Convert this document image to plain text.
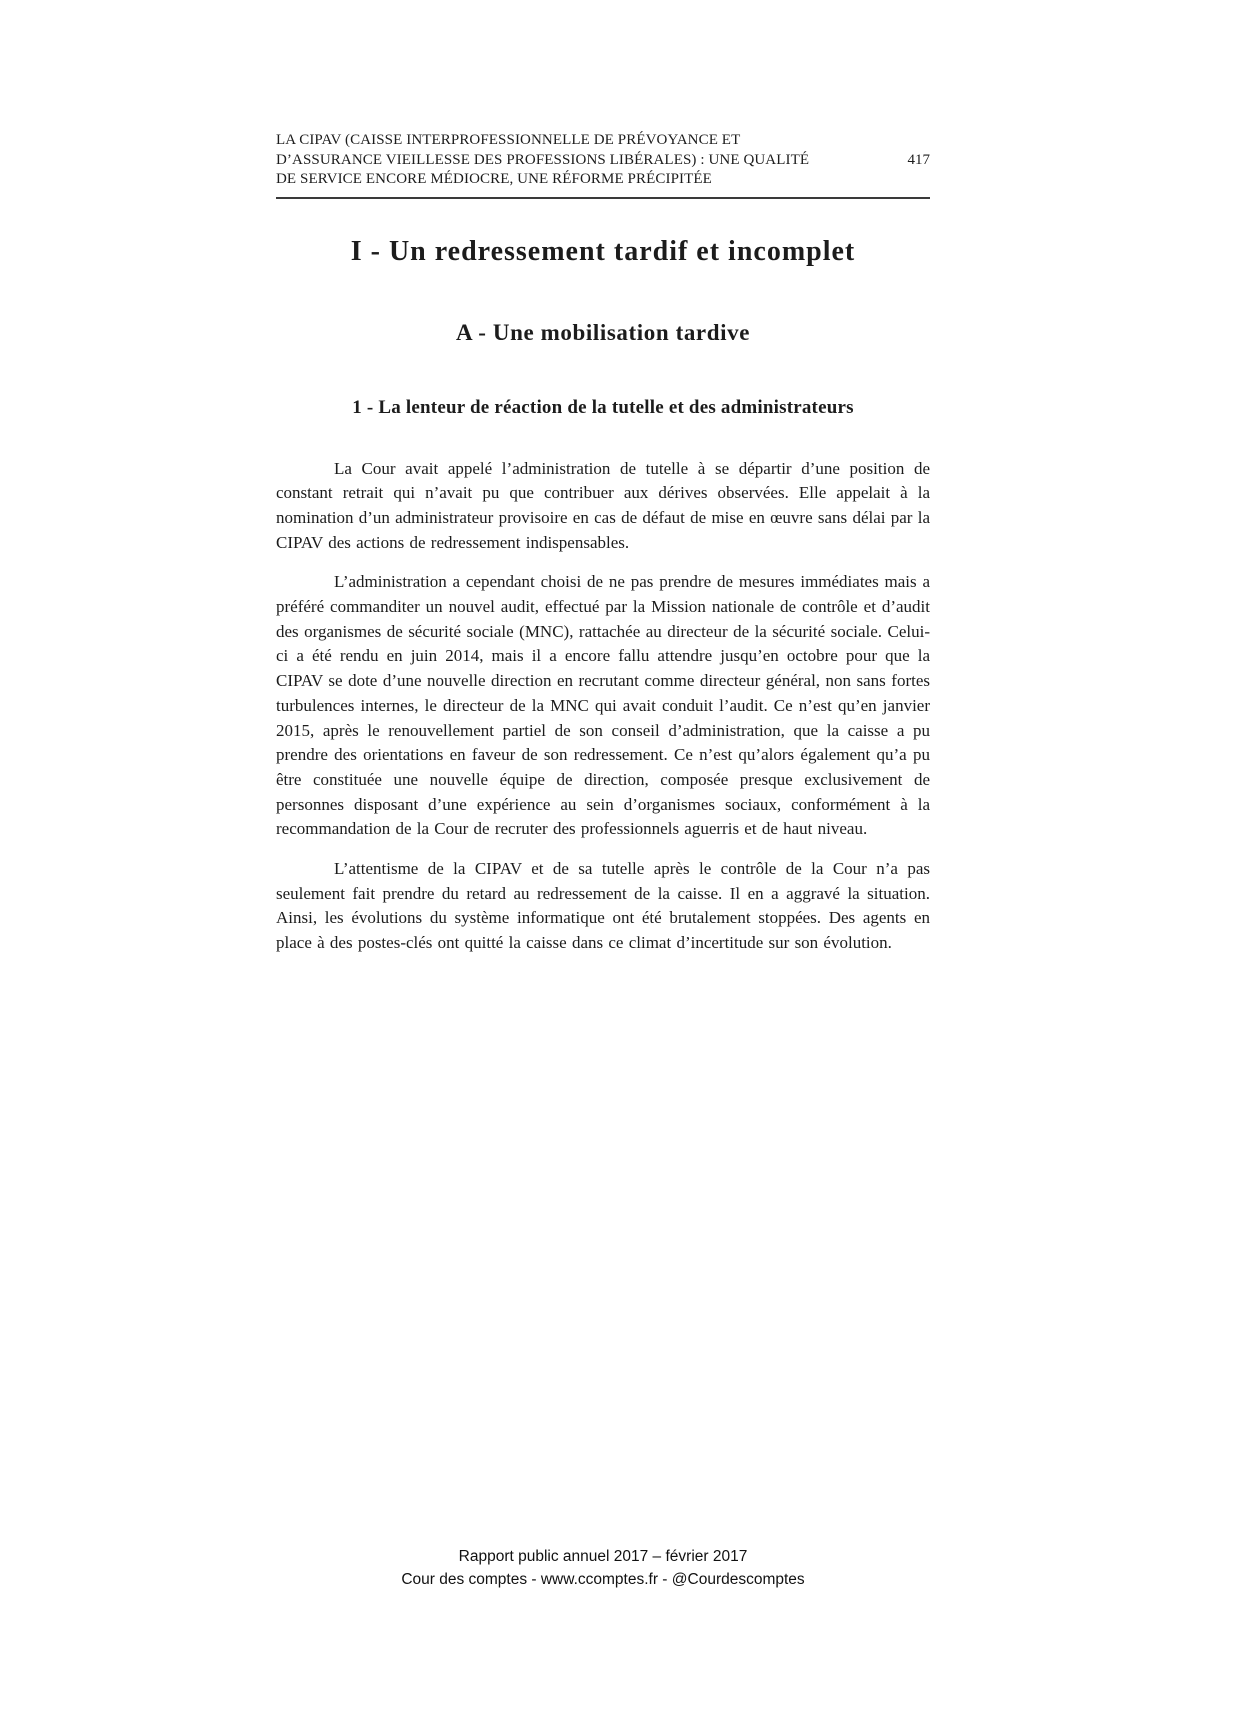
LA CIPAV (CAISSE INTERPROFESSIONNELLE DE PRÉVOYANCE ET
D’ASSURANCE VIEILLESSE DES PROFESSIONS LIBÉRALES) : UNE QUALITÉ
DE SERVICE ENCORE MÉDIOCRE, UNE RÉFORME PRÉCIPITÉE
417
I - Un redressement tardif et incomplet
A - Une mobilisation tardive
1 - La lenteur de réaction de la tutelle et des administrateurs

La Cour avait appelé l’administration de tutelle à se départir d’une position de constant retrait qui n’avait pu que contribuer aux dérives observées. Elle appelait à la nomination d’un administrateur provisoire en cas de défaut de mise en œuvre sans délai par la CIPAV des actions de redressement indispensables.

L’administration a cependant choisi de ne pas prendre de mesures immédiates mais a préféré commanditer un nouvel audit, effectué par la Mission nationale de contrôle et d’audit des organismes de sécurité sociale (MNC), rattachée au directeur de la sécurité sociale. Celui-ci a été rendu en juin 2014, mais il a encore fallu attendre jusqu’en octobre pour que la CIPAV se dote d’une nouvelle direction en recrutant comme directeur général, non sans fortes turbulences internes, le directeur de la MNC qui avait conduit l’audit. Ce n’est qu’en janvier 2015, après le renouvellement partiel de son conseil d’administration, que la caisse a pu prendre des orientations en faveur de son redressement. Ce n’est qu’alors également qu’a pu être constituée une nouvelle équipe de direction, composée presque exclusivement de personnes disposant d’une expérience au sein d’organismes sociaux, conformément à la recommandation de la Cour de recruter des professionnels aguerris et de haut niveau.

L’attentisme de la CIPAV et de sa tutelle après le contrôle de la Cour n’a pas seulement fait prendre du retard au redressement de la caisse. Il en a aggravé la situation. Ainsi, les évolutions du système informatique ont été brutalement stoppées. Des agents en place à des postes-clés ont quitté la caisse dans ce climat d’incertitude sur son évolution.

Rapport public annuel 2017 – février 2017
Cour des comptes - www.ccomptes.fr - @Courdescomptes
